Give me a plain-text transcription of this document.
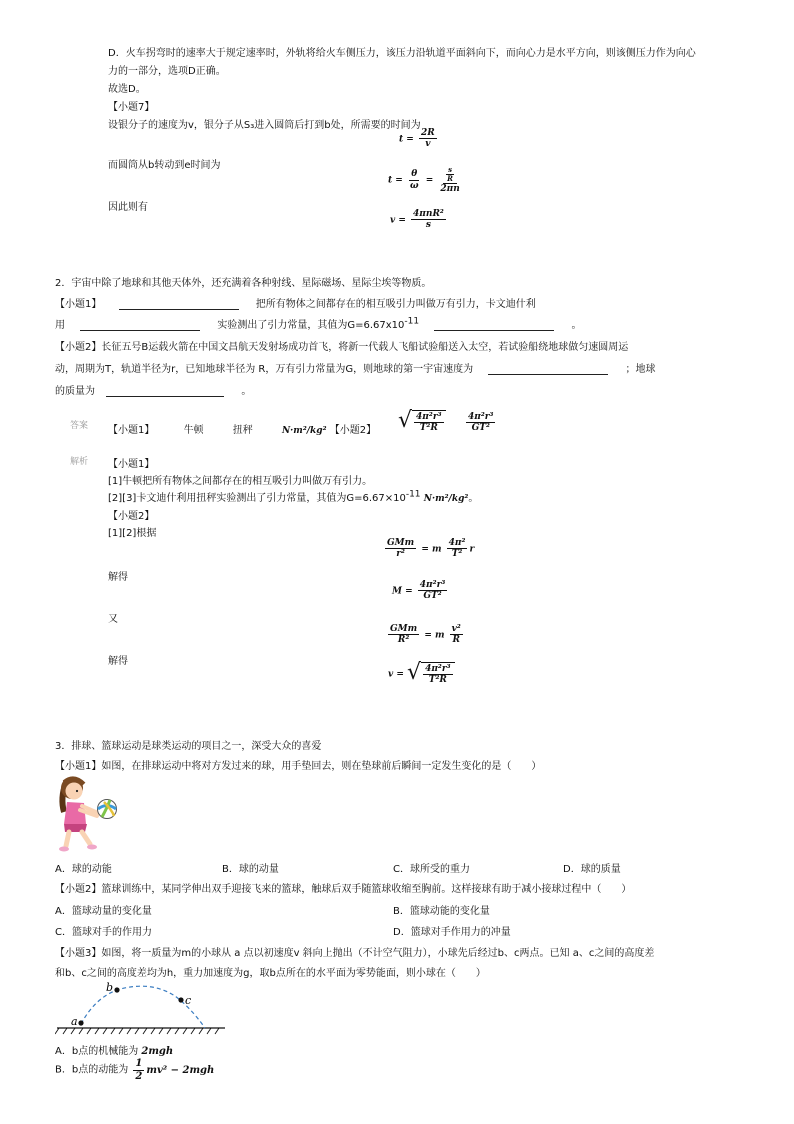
D．火车拐弯时的速率大于规定速率时，外轨将给火车侧压力，该压力沿轨道平面斜向下，而向心力是水平方向，则该侧压力作为向心
力的一部分，选项D正确。
故选D。
【小题7】
设银分子的速度为v，银分子从S₃进入圆筒后打到b处，所需要的时间为
$t = \frac{2R}{v}$
而圆筒从b转动到e时间为
$t = \frac{\theta}{\omega} = \frac{\frac{s}{R}}{2\pi n}$
因此则有
$v = \frac{\text{4πnR²}}{s}$
2．宇宙中除了地球和其他天体外，还充满着各种射线、星际磁场、星际尘埃等物质。
【小题1】	把所有物体之间都存在的相互吸引力叫做万有引力，卡文迪什利
用	实验测出了引力常量，其值为$G=6.67x10^{-11}$	。
【小题2】长征五号B运载火箭在中国文昌航天发射场成功首飞，将新一代载人飞船试验船送入太空，若试验船绕地球做匀速圆周运
动，周期为T，轨道半径为r，已知地球半径为 R，万有引力常量为G，则地球的第一宇宙速度为	；地球
的质量为	。
答案 【小题1】	牛顿	扭秤	N·m²/kg² 【小题2】 √ $\frac{\text{4π²r³}}{\text{T²R}} \frac{\text{4π²r³}}{\text{GT²}}$
解析 【小题1】
[1]牛顿把所有物体之间都存在的相互吸引力叫做万有引力。
[2][3]卡文迪什利用扭秤实验测出了引力常量，其值为$G=6.67\times 10^{-11}$ N·m²/kg²。
【小题2】
[1][2]根据
$\frac{\text{GMm}}{\text{r²}} = m \frac{\text{4π²}}{\text{T²}}$ r
解得
$M = \frac{\text{4π²r³}}{\text{GT²}}$
又
$\frac{\text{GMm}}{\text{R²}} = m \frac{\text{v²}}{R}$
解得
v = √ $\frac{\text{4π²r³}}{\text{T²R}}$
3．排球、篮球运动是球类运动的项目之一，深受大众的喜爱
【小题1】如图，在排球运动中将对方发过来的球，用手垫回去，则在垫球前后瞬间一定发生变化的是（　　）
A．球的动能	B．球的动量	C．球所受的重力	D．球的质量
【小题2】篮球训练中，某同学伸出双手迎接飞来的篮球，触球后双手随篮球收缩至胸前。这样接球有助于减小接球过程中（　　）
A．篮球动量的变化量	B．篮球动能的变化量
C．篮球对手的作用力	D．篮球对手作用力的冲量
【小题3】如图，将一质量为m的小球从 a 点以初速度v 斜向上抛出（不计空气阻力），小球先后经过b、c两点。已知 a、c之间的高度差
和b、c之间的高度差均为h，重力加速度为g，取b点所在的水平面为零势能面，则小球在（　　）
a
b
c
A．b点的机械能为 2mgh
B．b点的动能为 $\frac{1}{2} mv^2 - 2mgh$
